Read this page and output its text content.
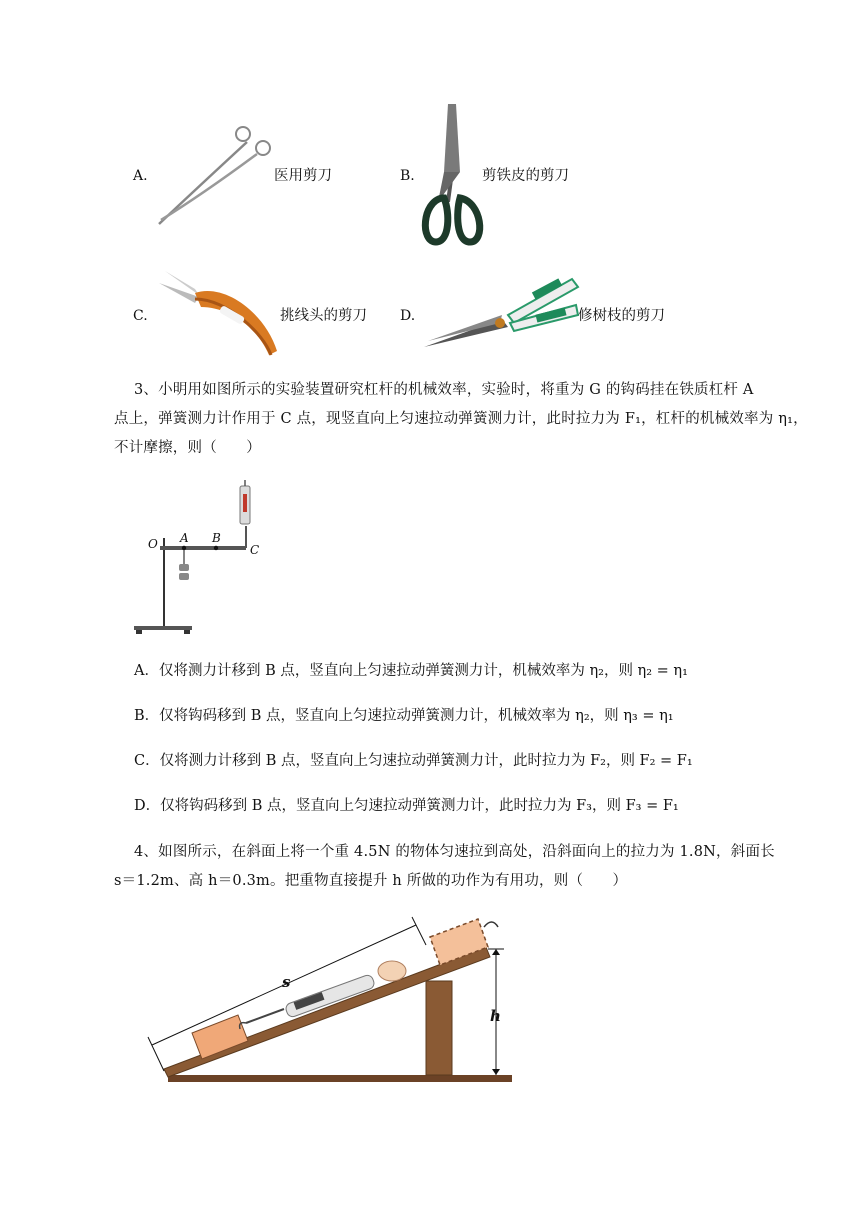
A.	医用剪刀	B.	剪铁皮的剪刀
C.	挑线头的剪刀 D.	修树枝的剪刀
3、小明用如图所示的实验装置研究杠杆的机械效率，实验时，将重为 G 的钩码挂在铁质杠杆 A
点上，弹簧测力计作用于 C 点，现竖直向上匀速拉动弹簧测力计，此时拉力为 F₁，杠杆的机械效率为 η₁，
不计摩擦，则（　　）
O A B
C
A．仅将测力计移到 B 点，竖直向上匀速拉动弹簧测力计，机械效率为 η₂，则 η₂ = η₁
B．仅将钩码移到 B 点，竖直向上匀速拉动弹簧测力计，机械效率为 η₂，则 η₃ = η₁
C．仅将测力计移到 B 点，竖直向上匀速拉动弹簧测力计，此时拉力为 F₂，则 F₂ = F₁
D．仅将钩码移到 B 点，竖直向上匀速拉动弹簧测力计，此时拉力为 F₃，则 F₃ = F₁
4、如图所示，在斜面上将一个重 4.5N 的物体匀速拉到高处，沿斜面向上的拉力为 1.8N，斜面长
s＝1.2m、高 h＝0.3m。把重物直接提升 h 所做的功作为有用功，则（　　）
s
h
